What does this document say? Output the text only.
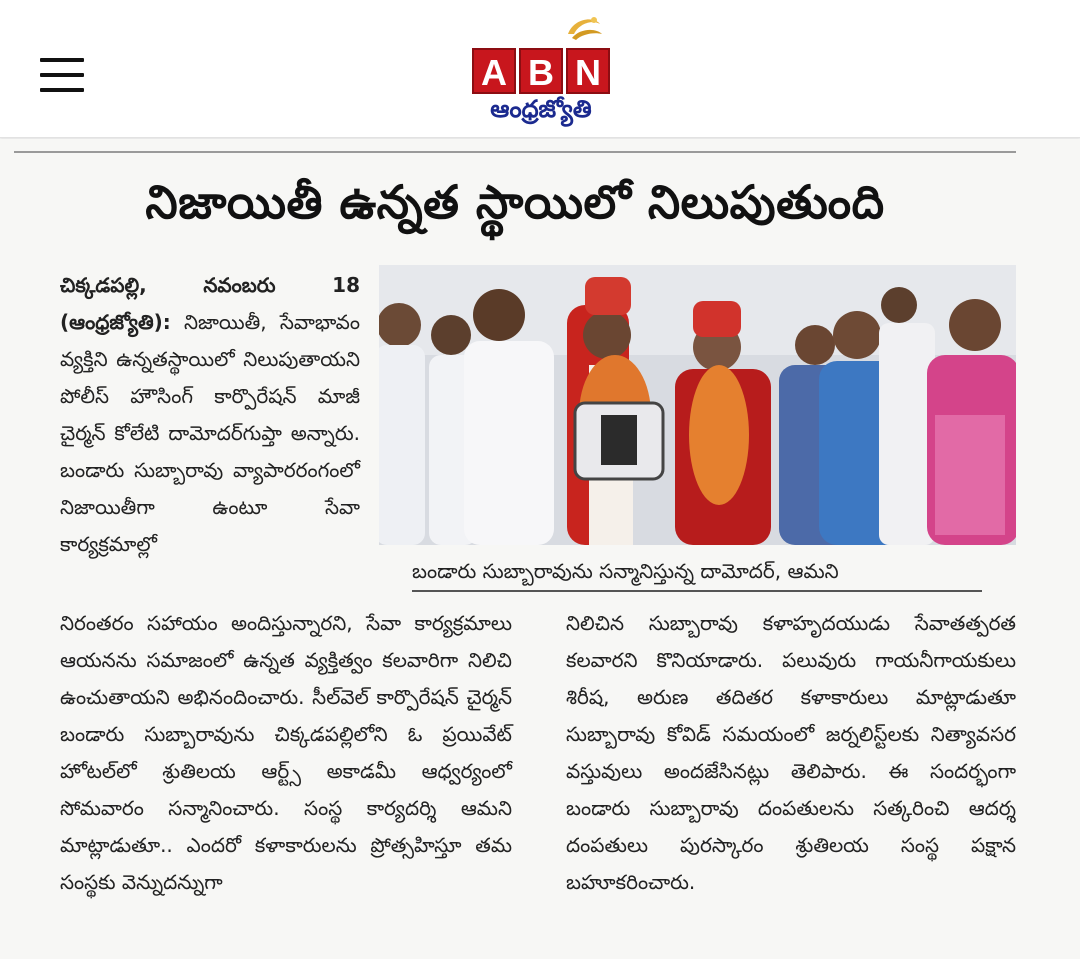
A B N
ఆంధ్రజ్యోతి
నిజాయితీ ఉన్నత స్థాయిలో నిలుపుతుంది
చిక్కడపల్లి, నవంబరు 18 (ఆంధ్రజ్యోతి): నిజాయితీ, సేవాభావం వ్యక్తిని ఉన్నతస్థాయిలో నిలుపుతాయని పోలీస్ హౌసింగ్ కార్పొరేషన్ మాజీ చైర్మన్ కోలేటి దామోదర్‌గుప్తా అన్నారు. బండారు సుబ్బారావు వ్యాపారరంగంలో నిజాయితీగా ఉంటూ సేవా కార్యక్రమాల్లో
బండారు సుబ్బారావును సన్మానిస్తున్న దామోదర్, ఆమని
నిరంతరం సహాయం అందిస్తున్నారని, సేవా కార్యక్రమాలు ఆయనను సమాజంలో ఉన్నత వ్యక్తిత్వం కలవారిగా నిలిచి ఉంచుతాయని అభినందించారు. సీల్‌వెల్ కార్పొరేషన్ చైర్మన్ బండారు సుబ్బారావును చిక్కడపల్లిలోని ఓ ప్రయివేట్ హోటల్‌లో శ్రుతిలయ ఆర్ట్స్ అకాడమీ ఆధ్వర్యంలో సోమవారం సన్మానించారు. సంస్థ కార్యదర్శి ఆమని మాట్లాడుతూ.. ఎందరో కళాకారులను ప్రోత్సహిస్తూ తమ సంస్థకు వెన్నుదన్నుగా
నిలిచిన సుబ్బారావు కళాహృదయుడు సేవాతత్పరత కలవారని కొనియాడారు. పలువురు గాయనీగాయకులు శిరీష, అరుణ తదితర కళాకారులు మాట్లాడుతూ సుబ్బారావు కోవిడ్ సమయంలో జర్నలిస్ట్‌లకు నిత్యావసర వస్తువులు అందజేసినట్లు తెలిపారు. ఈ సందర్భంగా బండారు సుబ్బారావు దంపతులను సత్కరించి ఆదర్శ దంపతులు పురస్కారం శ్రుతిలయ సంస్థ పక్షాన బహూకరించారు.
